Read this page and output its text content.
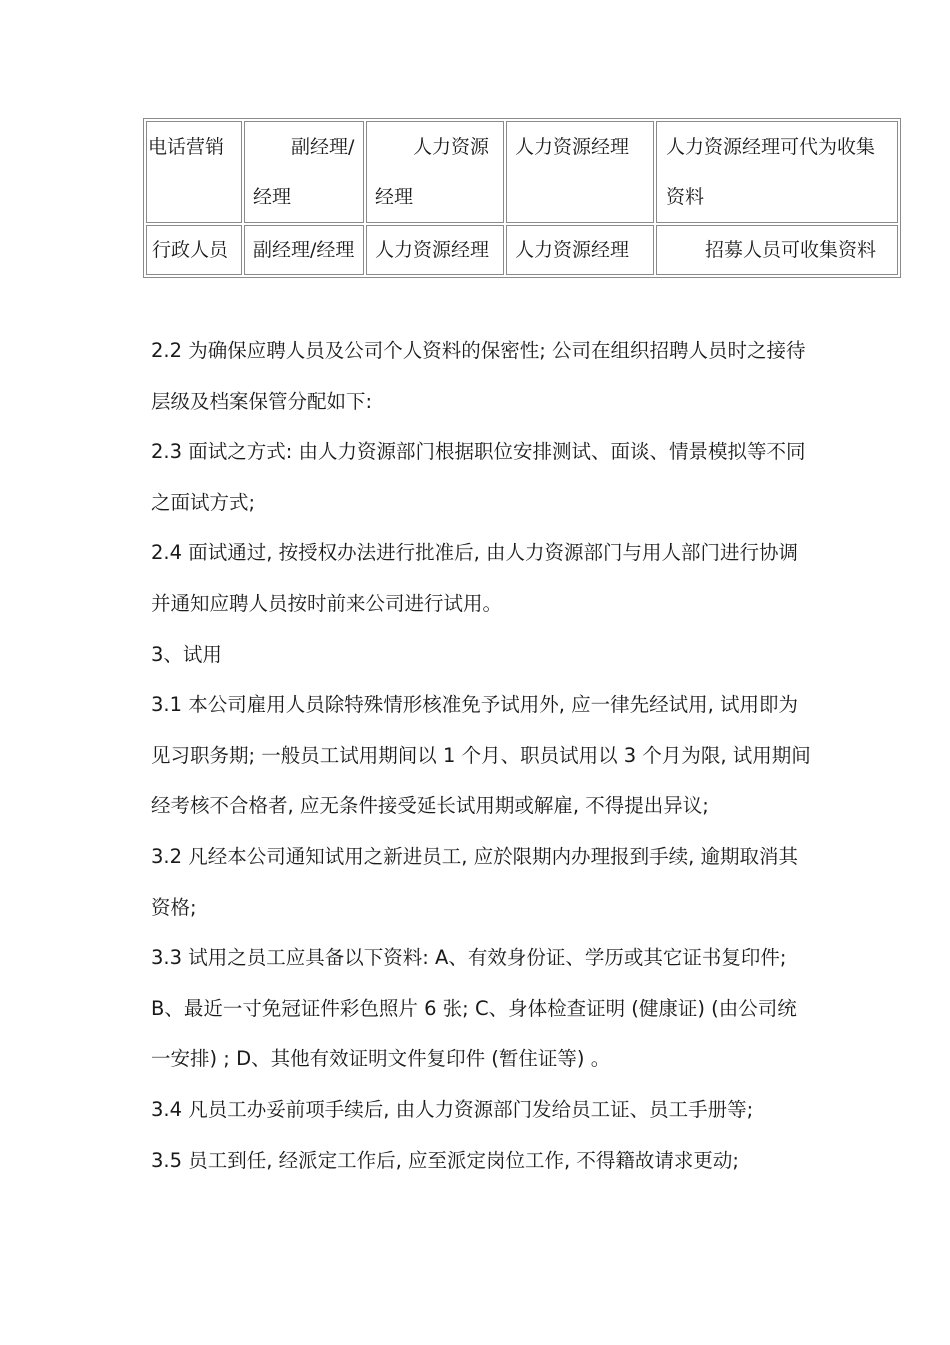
电话营销	副经理/经理	人力资源经理	人力资源经理	人力资源经理可代为收集资料
行政人员	副经理/经理	人力资源经理	人力资源经理	招募人员可收集资料

2.2 为确保应聘人员及公司个人资料的保密性; 公司在组织招聘人员时之接待层级及档案保管分配如下:

2.3 面试之方式: 由人力资源部门根据职位安排测试、面谈、情景模拟等不同之面试方式;

2.4 面试通过, 按授权办法进行批准后, 由人力资源部门与用人部门进行协调并通知应聘人员按时前来公司进行试用。

3、试用

3.1 本公司雇用人员除特殊情形核准免予试用外, 应一律先经试用, 试用即为见习职务期; 一般员工试用期间以 1 个月、职员试用以 3 个月为限, 试用期间经考核不合格者, 应无条件接受延长试用期或解雇, 不得提出异议;

3.2 凡经本公司通知试用之新进员工, 应於限期内办理报到手续, 逾期取消其资格;

3.3 试用之员工应具备以下资料: A、有效身份证、学历或其它证书复印件; B、最近一寸免冠证件彩色照片 6 张; C、身体检查证明 (健康证) (由公司统一安排) ; D、其他有效证明文件复印件 (暂住证等) 。

3.4 凡员工办妥前项手续后, 由人力资源部门发给员工证、员工手册等;

3.5 员工到任, 经派定工作后, 应至派定岗位工作, 不得籍故请求更动;
